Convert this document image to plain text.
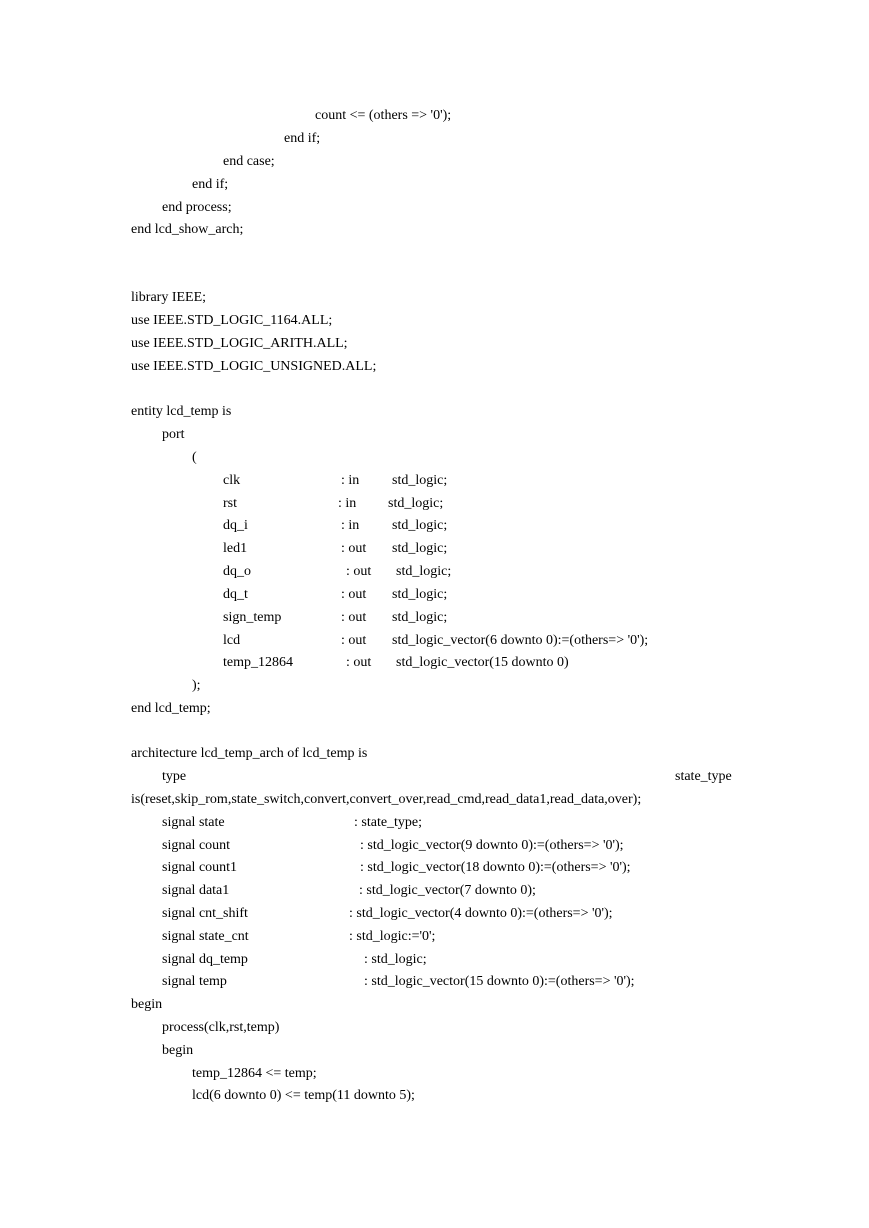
count <= (others => '0');
end if;
end case;
end if;
end process;
end lcd_show_arch;
library IEEE;
use IEEE.STD_LOGIC_1164.ALL;
use IEEE.STD_LOGIC_ARITH.ALL;
use IEEE.STD_LOGIC_UNSIGNED.ALL;
entity lcd_temp is
port
(
clk	: in std_logic;
rst	: in std_logic;
dq_i	: in std_logic;
led1	: out std_logic;
dq_o	: out std_logic;
dq_t	: out std_logic;
sign_temp	: out std_logic;
lcd	: out std_logic_vector(6 downto 0):=(others=> '0');
temp_12864	: out std_logic_vector(15 downto 0)
);
end lcd_temp;
architecture lcd_temp_arch of lcd_temp is
type	state_type
is(reset,skip_rom,state_switch,convert,convert_over,read_cmd,read_data1,read_data,over);
signal state	: state_type;
signal count	: std_logic_vector(9 downto 0):=(others=> '0');
signal count1	: std_logic_vector(18 downto 0):=(others=> '0');
signal data1	: std_logic_vector(7 downto 0);
signal cnt_shift	: std_logic_vector(4 downto 0):=(others=> '0');
signal state_cnt	: std_logic:='0';
signal dq_temp	: std_logic;
signal temp	: std_logic_vector(15 downto 0):=(others=> '0');
begin
process(clk,rst,temp)
begin
temp_12864 <= temp;
lcd(6 downto 0) <= temp(11 downto 5);
